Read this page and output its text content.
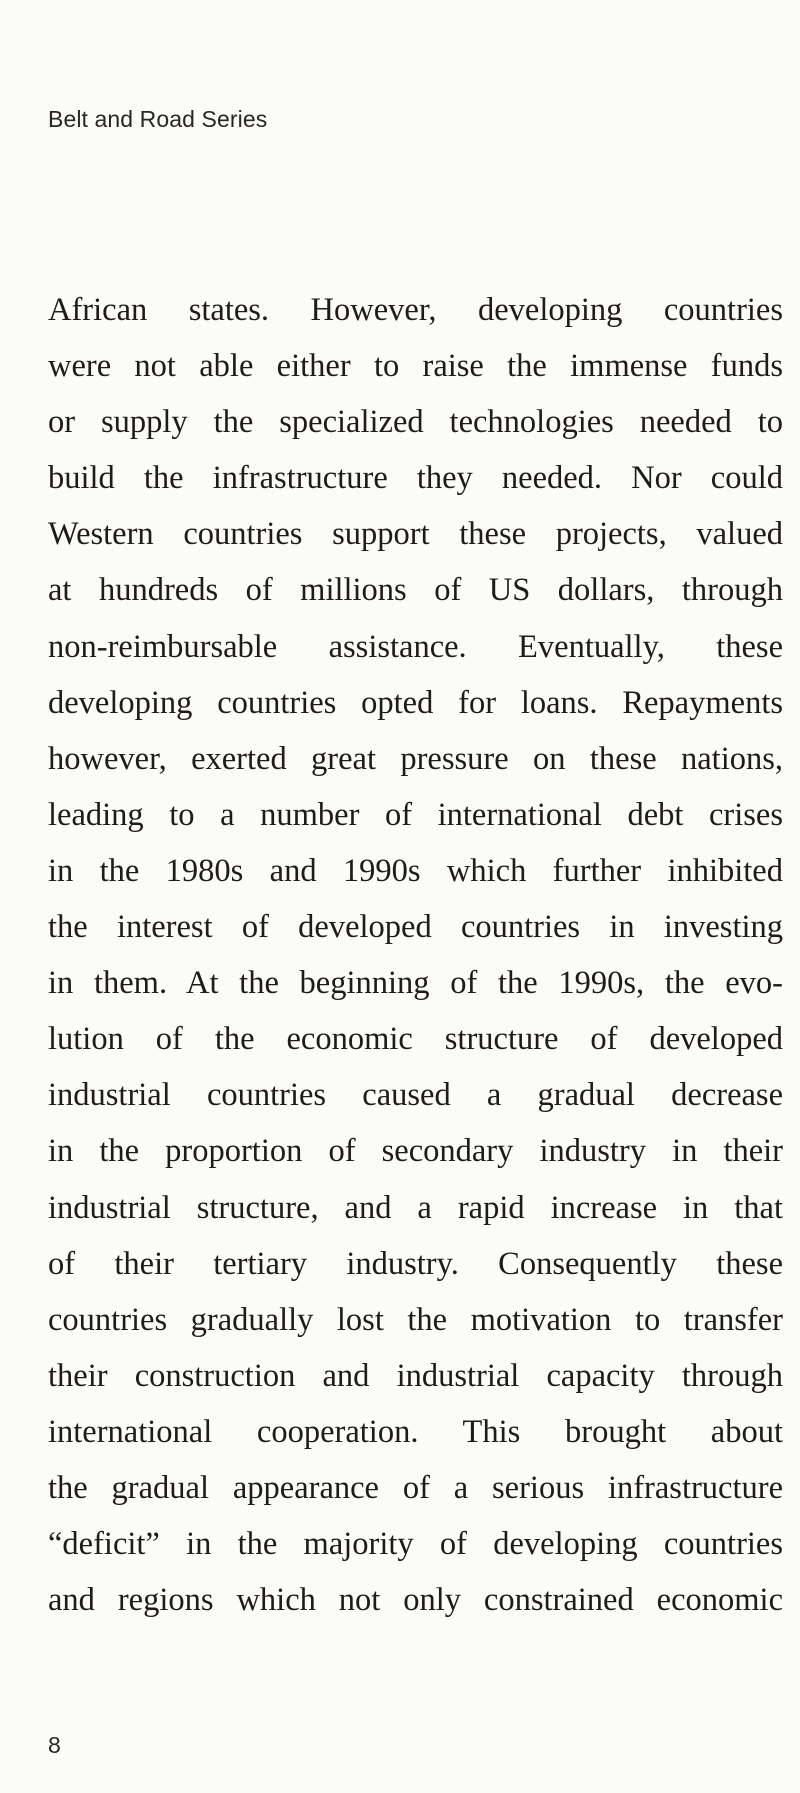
Belt and Road Series
African states. However, developing countries
were not able either to raise the immense funds
or supply the specialized technologies needed to
build the infrastructure they needed. Nor could
Western countries support these projects, valued
at hundreds of millions of US dollars, through
non-reimbursable assistance. Eventually, these
developing countries opted for loans. Repayments
however, exerted great pressure on these nations,
leading to a number of international debt crises
in the 1980s and 1990s which further inhibited
the interest of developed countries in investing
in them. At the beginning of the 1990s, the evo-
lution of the economic structure of developed
industrial countries caused a gradual decrease
in the proportion of secondary industry in their
industrial structure, and a rapid increase in that
of their tertiary industry. Consequently these
countries gradually lost the motivation to transfer
their construction and industrial capacity through
international cooperation. This brought about
the gradual appearance of a serious infrastructure
“deficit” in the majority of developing countries
and regions which not only constrained economic
8
